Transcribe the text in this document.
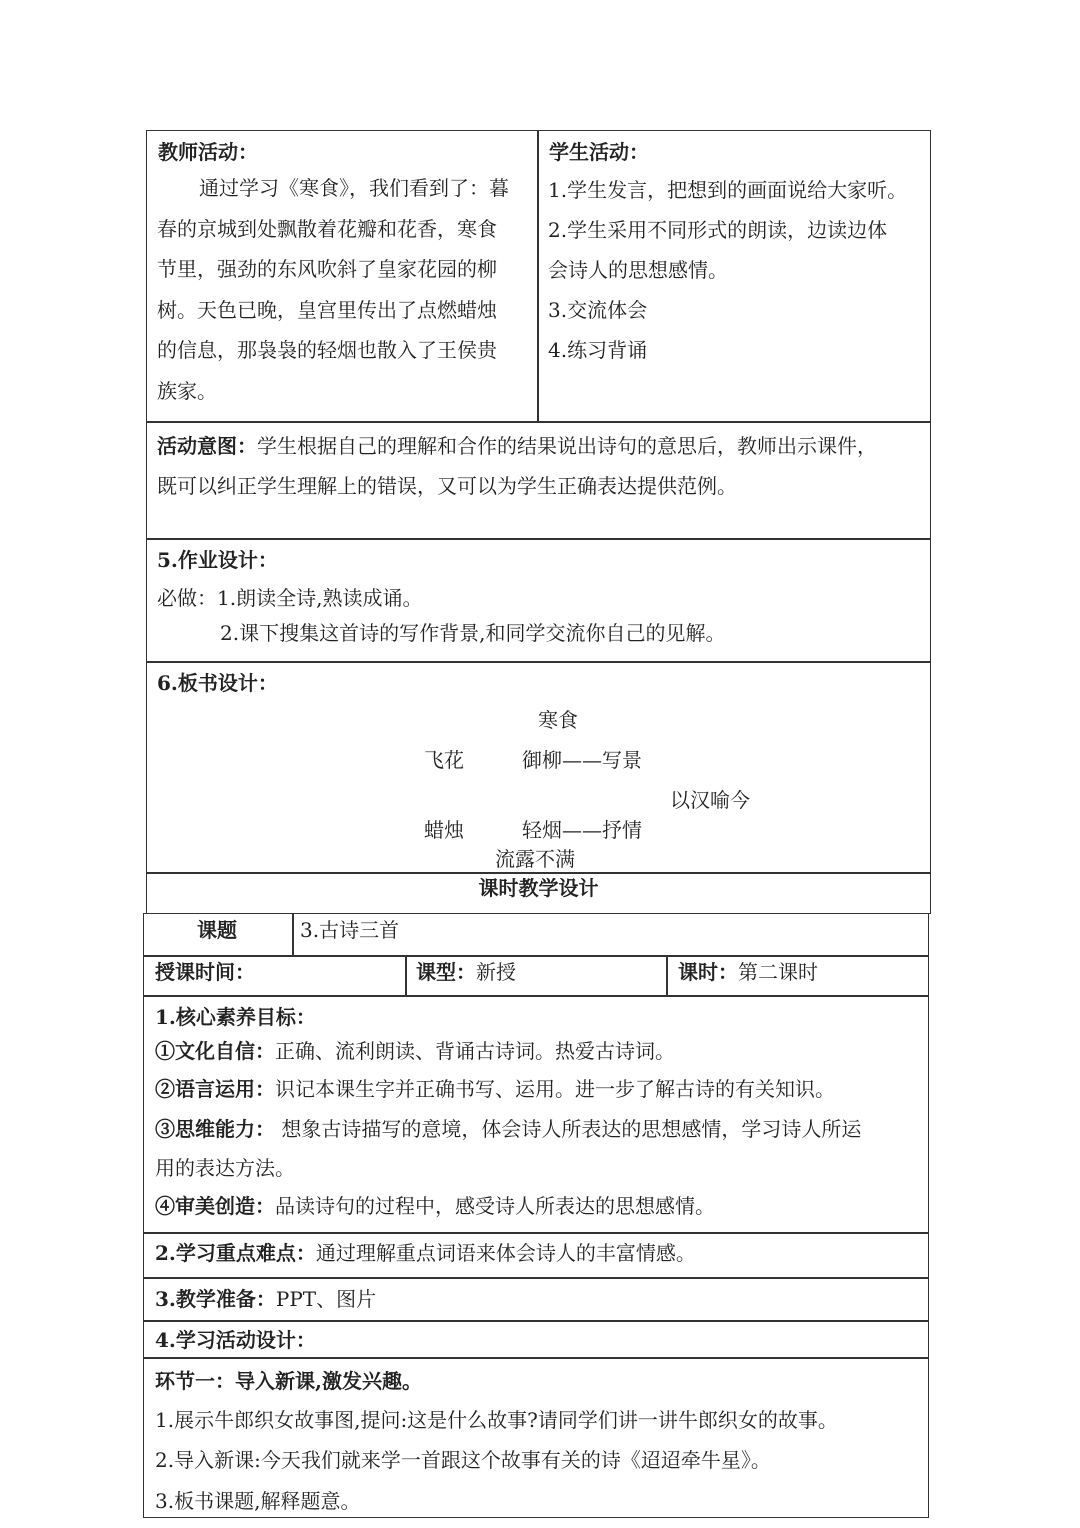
教师活动：
通过学习《寒食》，我们看到了：暮
春的京城到处飘散着花瓣和花香，寒食
节里，强劲的东风吹斜了皇家花园的柳
树。天色已晚，皇宫里传出了点燃蜡烛
的信息，那袅袅的轻烟也散入了王侯贵
族家。
学生活动：
1.学生发言，把想到的画面说给大家听。
2.学生采用不同形式的朗读，边读边体
会诗人的思想感情。
3.交流体会
4.练习背诵
活动意图：学生根据自己的理解和合作的结果说出诗句的意思后，教师出示课件，
既可以纠正学生理解上的错误，又可以为学生正确表达提供范例。
5.作业设计：
必做：1.朗读全诗,熟读成诵。
2.课下搜集这首诗的写作背景,和同学交流你自己的见解。
6.板书设计：
寒食
飞花	御柳——写景
以汉喻今
蜡烛	轻烟——抒情
流露不满
课时教学设计
课题	3.古诗三首
授课时间：	课型：新授	课时：第二课时
1.核心素养目标：
①文化自信：正确、流利朗读、背诵古诗词。热爱古诗词。
②语言运用：识记本课生字并正确书写、运用。进一步了解古诗的有关知识。
③思维能力： 想象古诗描写的意境，体会诗人所表达的思想感情，学习诗人所运
用的表达方法。
④审美创造：品读诗句的过程中，感受诗人所表达的思想感情。
2.学习重点难点：通过理解重点词语来体会诗人的丰富情感。
3.教学准备：PPT、图片
4.学习活动设计：
环节一：导入新课,激发兴趣。
1.展示牛郎织女故事图,提问:这是什么故事?请同学们讲一讲牛郎织女的故事。
2.导入新课:今天我们就来学一首跟这个故事有关的诗《迢迢牵牛星》。
3.板书课题,解释题意。
